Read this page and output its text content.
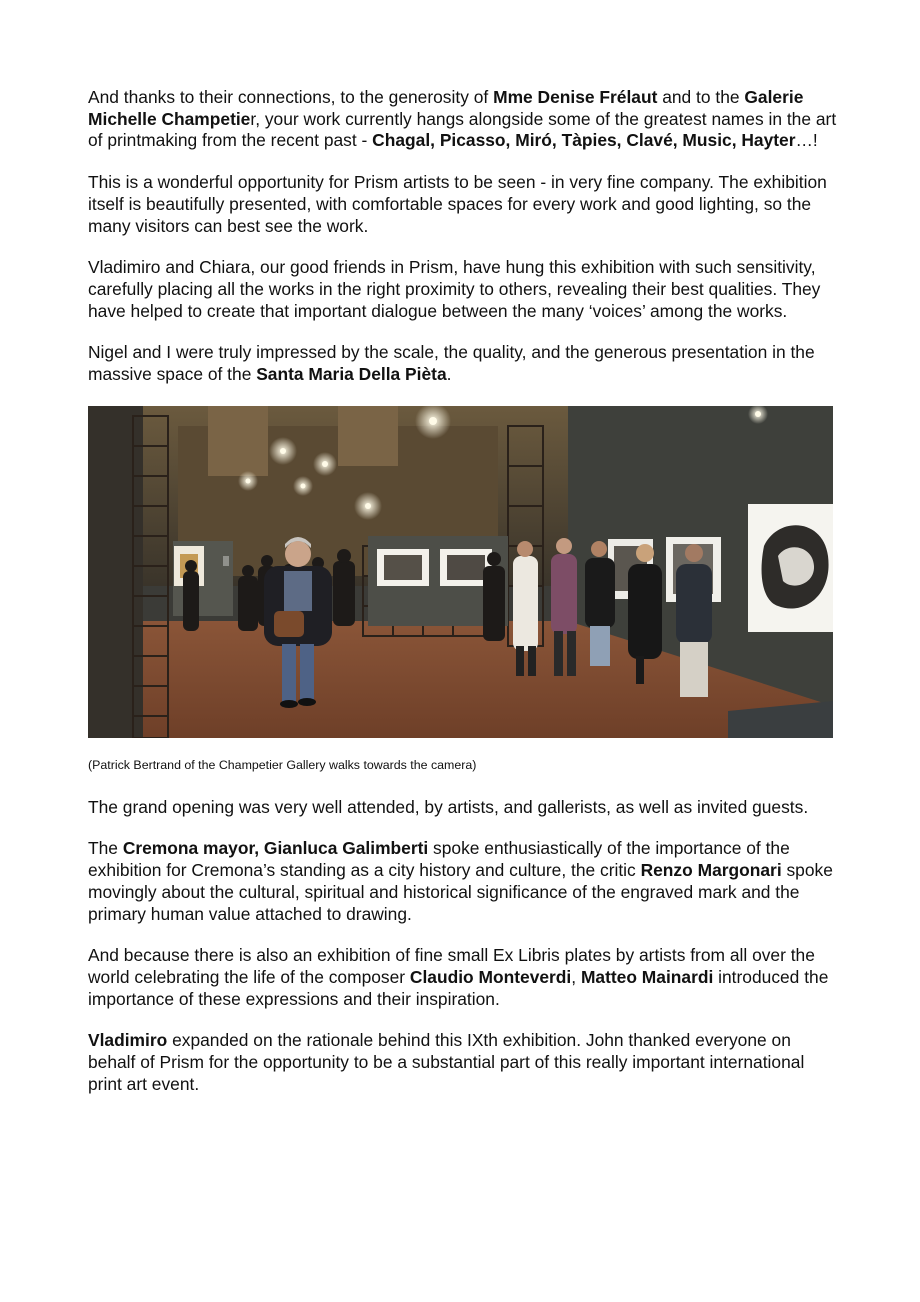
And thanks to their connections, to the generosity of Mme Denise Frélaut and to the Galerie Michelle Champetier, your work currently hangs alongside some of the greatest names in the art of printmaking from the recent past - Chagal, Picasso, Miró, Tàpies, Clavé, Music, Hayter…!

This is a wonderful opportunity for Prism artists to be seen - in very fine company. The exhibition itself is beautifully presented, with comfortable spaces for every work and good lighting, so the many visitors can best see the work.

Vladimiro and Chiara, our good friends in Prism, have hung this exhibition with such sensitivity, carefully placing all the works in the right proximity to others, revealing their best qualities. They have helped to create that important dialogue between the many ‘voices’ among the works.

Nigel and I were truly impressed by the scale, the quality, and the generous presentation in the massive space of the Santa Maria Della Pièta.

(Patrick Bertrand of the Champetier Gallery walks towards the camera)

The grand opening was very well attended, by artists, and gallerists, as well as invited guests.

The Cremona mayor, Gianluca Galimberti spoke enthusiastically of the importance of the exhibition for Cremona’s standing as a city history and culture, the critic Renzo Margonari spoke movingly about the cultural, spiritual and historical significance of the engraved mark and the primary human value attached to drawing.

And because there is also an exhibition of fine small Ex Libris plates by artists from all over the world celebrating the life of the composer Claudio Monteverdi, Matteo Mainardi introduced the importance of these expressions and their inspiration.

Vladimiro expanded on the rationale behind this IXth exhibition. John thanked everyone on behalf of Prism for the opportunity to be a substantial part of this really important international print art event.
